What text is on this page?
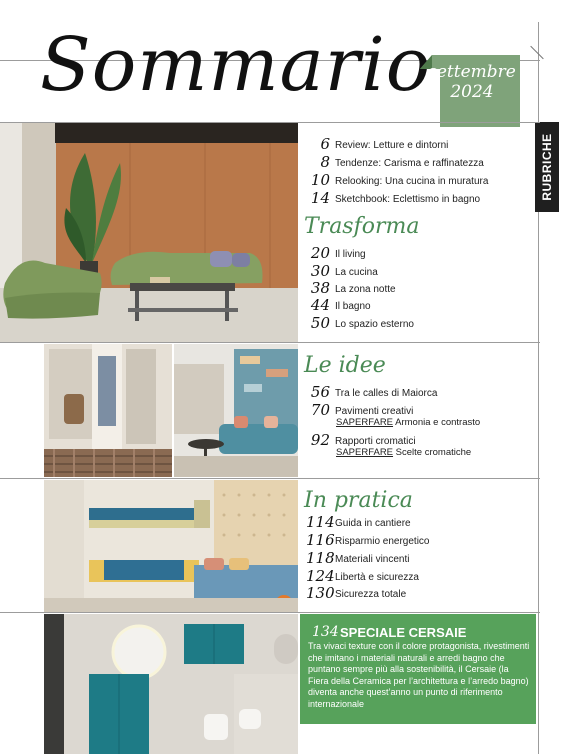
Sommario
settembre
2024
RUBRICHE
6 Review: Letture e dintorni
8 Tendenze: Carisma e raffinatezza
10 Relooking: Una cucina in muratura
14 Sketchbook: Eclettismo in bagno
Trasforma
20 Il living
30 La cucina
38 La zona notte
44 Il bagno
50 Lo spazio esterno
Le idee
56 Tra le calles di Maiorca
70 Pavimenti creativi
SAPERFARE Armonia e contrasto
92 Rapporti cromatici
SAPERFARE Scelte cromatiche
In pratica
114Guida in cantiere
116Risparmio energetico
118Materiali vincenti
124Libertà e sicurezza
130Sicurezza totale
134 SPECIALE CERSAIE
Tra vivaci texture con il colore protagonista, rivestimenti che imitano i materiali naturali e arredi bagno che puntano sempre più alla sostenibilità, il Cersaie (la Fiera della Ceramica per l’architettura e l’arredo bagno) diventa anche quest’anno un punto di riferimento internazionale
